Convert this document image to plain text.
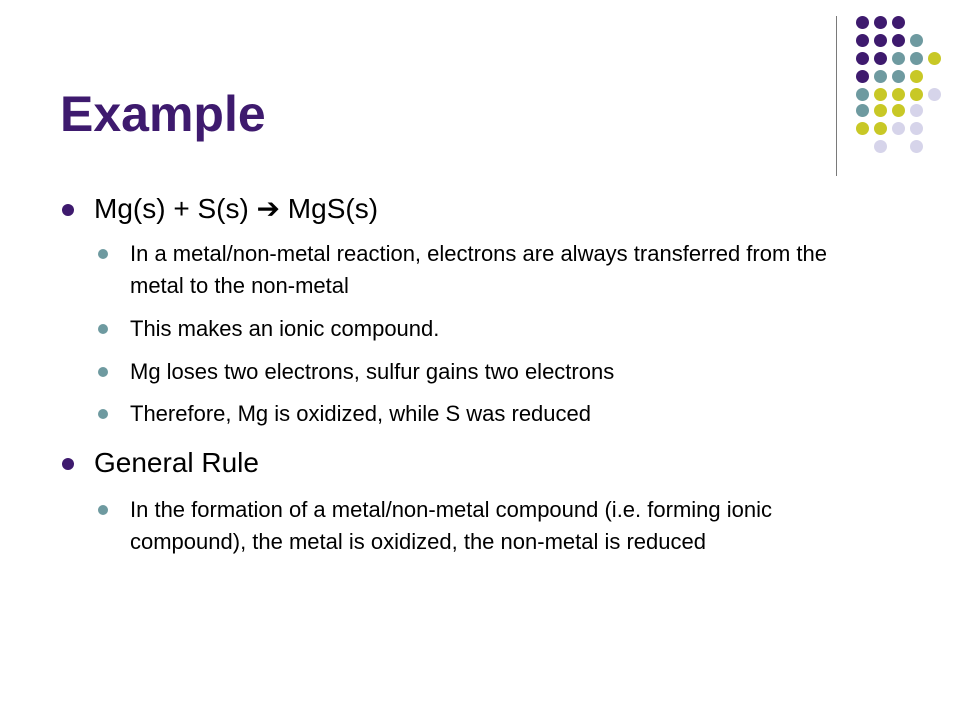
Example
Mg(s) + S(s) ➔ MgS(s)
In a metal/non-metal reaction, electrons are always transferred from the metal to the non-metal
This makes an ionic compound.
Mg loses two electrons, sulfur gains two electrons
Therefore, Mg is oxidized, while S was reduced
General Rule
In the formation of a metal/non-metal compound (i.e. forming ionic compound), the metal is oxidized, the non-metal is reduced
